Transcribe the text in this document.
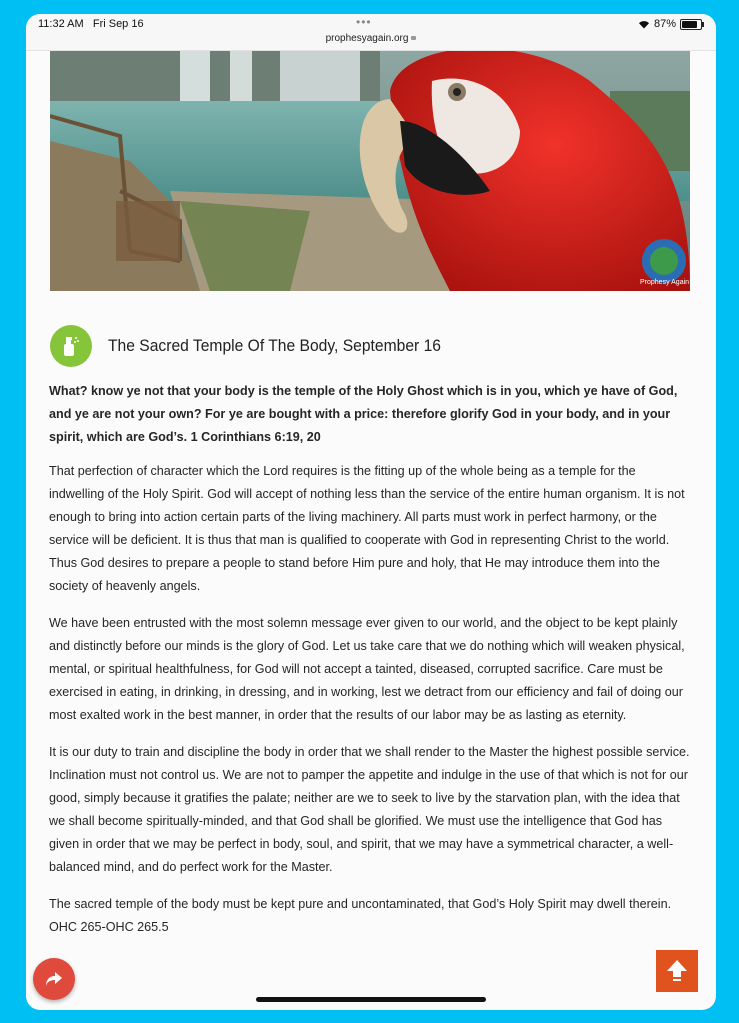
11:32 AM Fri Sep 16	•••
prophesyagain.org
87%
Prophesy Again
The Sacred Temple Of The Body, September 16

What? know ye not that your body is the temple of the Holy Ghost which is in you, which ye have of God, and ye are not your own? For ye are bought with a price: therefore glorify God in your body, and in your spirit, which are God’s. 1 Corinthians 6:19, 20

That perfection of character which the Lord requires is the fitting up of the whole being as a temple for the indwelling of the Holy Spirit. God will accept of nothing less than the service of the entire human organism. It is not enough to bring into action certain parts of the living machinery. All parts must work in perfect harmony, or the service will be deficient. It is thus that man is qualified to cooperate with God in representing Christ to the world. Thus God desires to prepare a people to stand before Him pure and holy, that He may introduce them into the society of heavenly angels.

We have been entrusted with the most solemn message ever given to our world, and the object to be kept plainly and distinctly before our minds is the glory of God. Let us take care that we do nothing which will weaken physical, mental, or spiritual healthfulness, for God will not accept a tainted, diseased, corrupted sacrifice. Care must be exercised in eating, in drinking, in dressing, and in working, lest we detract from our efficiency and fail of doing our most exalted work in the best manner, in order that the results of our labor may be as lasting as eternity.

It is our duty to train and discipline the body in order that we shall render to the Master the highest possible service. Inclination must not control us. We are not to pamper the appetite and indulge in the use of that which is not for our good, simply because it gratifies the palate; neither are we to seek to live by the starvation plan, with the idea that we shall become spiritually-minded, and that God shall be glorified. We must use the intelligence that God has given in order that we may be perfect in body, soul, and spirit, that we may have a symmetrical character, a well-balanced mind, and do perfect work for the Master.

The sacred temple of the body must be kept pure and uncontaminated, that God’s Holy Spirit may dwell therein. OHC 265-OHC 265.5
